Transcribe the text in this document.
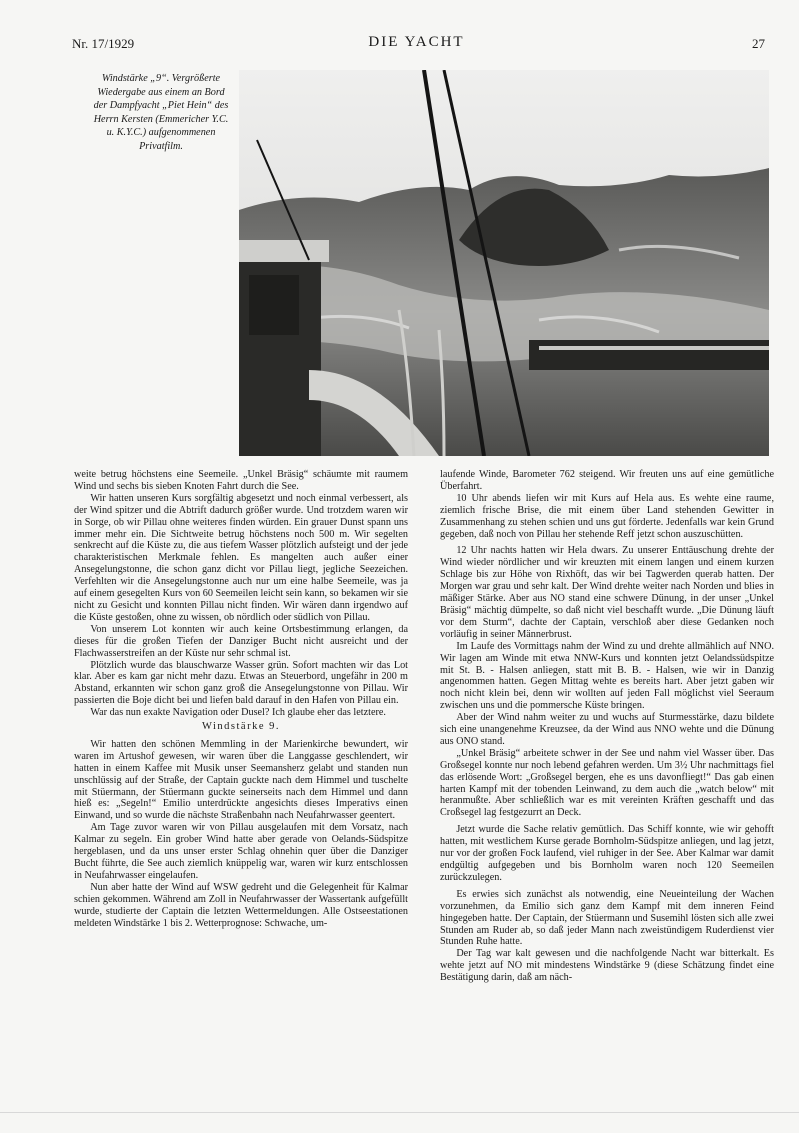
Nr. 17/1929	DIE YACHT	27
Windstärke „9“. Vergrößerte Wiedergabe aus einem an Bord der Dampfyacht „Piet Hein“ des Herrn Kersten (Emmericher Y.C. u. K.Y.C.) aufgenommenen Privatfilm.

weite betrug höchstens eine Seemeile. „Unkel Bräsig“ schäumte mit raumem Wind und sechs bis sieben Knoten Fahrt durch die See.

Wir hatten unseren Kurs sorgfältig abgesetzt und noch einmal verbessert, als der Wind spitzer und die Abtrift dadurch größer wurde. Und trotzdem waren wir in Sorge, ob wir Pillau ohne weiteres finden würden. Ein grauer Dunst spann uns immer mehr ein. Die Sichtweite betrug höchstens noch 500 m. Wir segelten senkrecht auf die Küste zu, die aus tiefem Wasser plötzlich aufsteigt und der jede charakteristischen Merkmale fehlen. Es mangelten auch außer einer Ansegelungstonne, die schon ganz dicht vor Pillau liegt, jegliche Seezeichen. Verfehlten wir die Ansegelungstonne auch nur um eine halbe Seemeile, was ja auf einem gesegelten Kurs von 60 Seemeilen leicht sein kann, so bekamen wir sie nicht zu Gesicht und konnten Pillau nicht finden. Wir wären dann irgendwo auf die Küste gestoßen, ohne zu wissen, ob nördlich oder südlich von Pillau.

Von unserem Lot konnten wir auch keine Ortsbestimmung erlangen, da dieses für die großen Tiefen der Danziger Bucht nicht ausreicht und der Flachwasserstreifen an der Küste nur sehr schmal ist.

Plötzlich wurde das blauschwarze Wasser grün. Sofort machten wir das Lot klar. Aber es kam gar nicht mehr dazu. Etwas an Steuerbord, ungefähr in 200 m Abstand, erkannten wir schon ganz groß die Ansegelungstonne von Pillau. Wir passierten die Boje dicht bei und liefen bald darauf in den Hafen von Pillau ein.

War das nun exakte Navigation oder Dusel? Ich glaube eher das letztere.

Windstärke 9.

Wir hatten den schönen Memmling in der Marienkirche bewundert, wir waren im Artushof gewesen, wir waren über die Langgasse geschlendert, wir hatten in einem Kaffee mit Musik unser Seemansherz gelabt und standen nun unschlüssig auf der Straße, der Captain guckte nach dem Himmel und tuschelte mit Stüermann, der Stüermann guckte seinerseits nach dem Himmel und dann hieß es: „Segeln!“ Emilio unterdrückte angesichts dieses Imperativs einen Einwand, und so wurde die nächste Straßenbahn nach Neufahrwasser geentert.

Am Tage zuvor waren wir von Pillau ausgelaufen mit dem Vorsatz, nach Kalmar zu segeln. Ein grober Wind hatte aber gerade von Oelands-Südspitze hergeblasen, und da uns unser erster Schlag ohnehin quer über die Danziger Bucht führte, die See auch ziemlich knüppelig war, waren wir kurz entschlossen in Neufahrwasser eingelaufen.

Nun aber hatte der Wind auf WSW gedreht und die Gelegenheit für Kalmar schien gekommen. Während am Zoll in Neufahrwasser der Wassertank aufgefüllt wurde, studierte der Captain die letzten Wettermeldungen. Alle Ostseestationen meldeten Windstärke 1 bis 2. Wetterprognose: Schwache, um-

laufende Winde, Barometer 762 steigend. Wir freuten uns auf eine gemütliche Überfahrt.

10 Uhr abends liefen wir mit Kurs auf Hela aus. Es wehte eine raume, ziemlich frische Brise, die mit einem über Land stehenden Gewitter in Zusammenhang zu stehen schien und uns gut förderte. Jedenfalls war kein Grund gegeben, daß noch von Pillau her stehende Reff jetzt schon auszuschütten.

12 Uhr nachts hatten wir Hela dwars. Zu unserer Enttäuschung drehte der Wind wieder nördlicher und wir kreuzten mit einem langen und einem kurzen Schlage bis zur Höhe von Rixhöft, das wir bei Tagwerden querab hatten. Der Morgen war grau und sehr kalt. Der Wind drehte weiter nach Norden und blies in mäßiger Stärke. Aber aus NO stand eine schwere Dünung, in der unser „Unkel Bräsig“ mächtig dümpelte, so daß nicht viel beschafft wurde. „Die Dünung läuft vor dem Sturm“, dachte der Captain, verschloß aber diese Gedanken noch vorläufig in seiner Männerbrust.

Im Laufe des Vormittags nahm der Wind zu und drehte allmählich auf NNO. Wir lagen am Winde mit etwa NNW-Kurs und konnten jetzt Oelandssüdspitze mit St. B. - Halsen anliegen, statt mit B. B. - Halsen, wie wir in Danzig angenommen hatten. Gegen Mittag wehte es bereits hart. Aber jetzt gaben wir noch nicht klein bei, denn wir wollten auf jeden Fall möglichst viel Seeraum zwischen uns und die pommersche Küste bringen.

Aber der Wind nahm weiter zu und wuchs auf Sturmesstärke, dazu bildete sich eine unangenehme Kreuzsee, da der Wind aus NNO wehte und die Dünung aus ONO stand.

„Unkel Bräsig“ arbeitete schwer in der See und nahm viel Wasser über. Das Großsegel konnte nur noch lebend gefahren werden. Um 3½ Uhr nachmittags fiel das erlösende Wort: „Großsegel bergen, ehe es uns davonfliegt!“ Das gab einen harten Kampf mit der tobenden Leinwand, zu dem auch die „watch below“ mit heranmußte. Aber schließlich war es mit vereinten Kräften geschafft und das Croßsegel lag festgezurrt an Deck.

Jetzt wurde die Sache relativ gemütlich. Das Schiff konnte, wie wir gehofft hatten, mit westlichem Kurse gerade Bornholm-Südspitze anliegen, und lag jetzt, nur vor der großen Fock laufend, viel ruhiger in der See. Aber Kalmar war damit endgültig aufgegeben und bis Bornholm waren noch 120 Seemeilen zurückzulegen.

Es erwies sich zunächst als notwendig, eine Neueinteilung der Wachen vorzunehmen, da Emilio sich ganz dem Kampf mit dem inneren Feind hingegeben hatte. Der Captain, der Stüermann und Susemihl lösten sich alle zwei Stunden am Ruder ab, so daß jeder Mann nach zweistündigem Ruderdienst vier Stunden Ruhe hatte.

Der Tag war kalt gewesen und die nachfolgende Nacht war bitterkalt. Es wehte jetzt auf NO mit mindestens Windstärke 9 (diese Schätzung findet eine Bestätigung darin, daß am näch-
